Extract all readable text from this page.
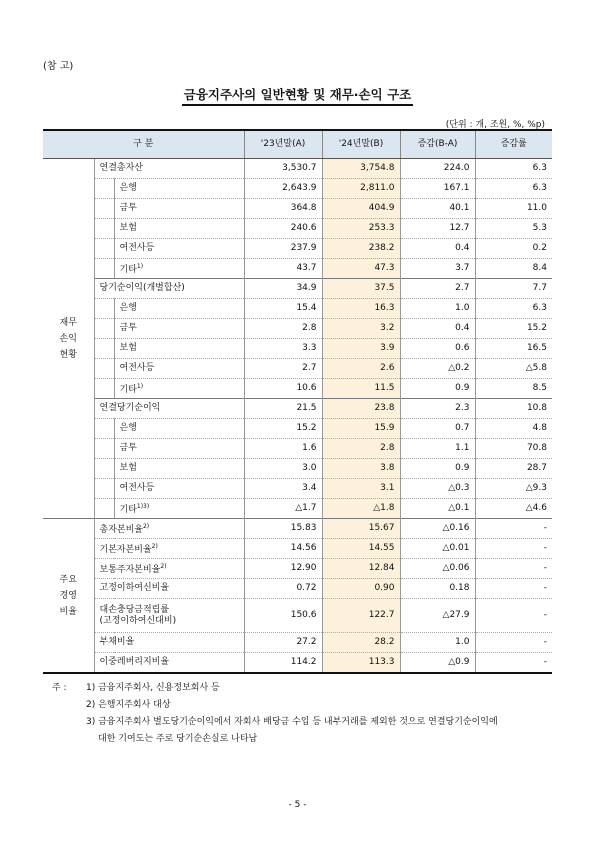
(참 고)
금융지주사의 일반현황 및 재무·손익 구조
(단위 : 개, 조원, %, %p)
구 분			'23년말(A)	'24년말(B)	증감(B-A)	증감률
재무
손익
현황	연결총자산		3,530.7	3,754.8	224.0	6.3
		은행	2,643.9	2,811.0	167.1	6.3
		금투	364.8	404.9	40.1	11.0
		보험	240.6	253.3	12.7	5.3
		여전사등	237.9	238.2	0.4	0.2
		기타$^{1)}$	43.7	47.3	3.7	8.4
	당기순이익(개별합산)		34.9	37.5	2.7	7.7
		은행	15.4	16.3	1.0	6.3
		금투	2.8	3.2	0.4	15.2
		보험	3.3	3.9	0.6	16.5
		여전사등	2.7	2.6	△0.2	△5.8
		기타$^{1)}$	10.6	11.5	0.9	8.5
	연결당기순이익		21.5	23.8	2.3	10.8
		은행	15.2	15.9	0.7	4.8
		금투	1.6	2.8	1.1	70.8
		보험	3.0	3.8	0.9	28.7
		여전사등	3.4	3.1	△0.3	△9.3
		기타$^{1)3)}$	△1.7	△1.8	△0.1	△4.6
주요
경영
비율	총자본비율$^{2)}$		15.83	15.67	△0.16	-
	기본자본비율$^{2)}$		14.56	14.55	△0.01	-
	보통주자본비율$^{2)}$		12.90	12.84	△0.06	-
	고정이하여신비율		0.72	0.90	0.18	-
	대손충당금적립률
(고정이하여신대비)		150.6	122.7	△27.9	-
	부채비율		27.2	28.2	1.0	-
	이중레버리지비율		114.2	113.3	△0.9	-
주 :	1) 금융지주회사, 신용정보회사 등
2) 은행지주회사 대상
3) 금융지주회사 별도당기순이익에서 자회사 배당금 수입 등 내부거래를 제외한 것으로 연결당기순이익에
대한 기여도는 주로 당기순손실로 나타남
- 5 -
